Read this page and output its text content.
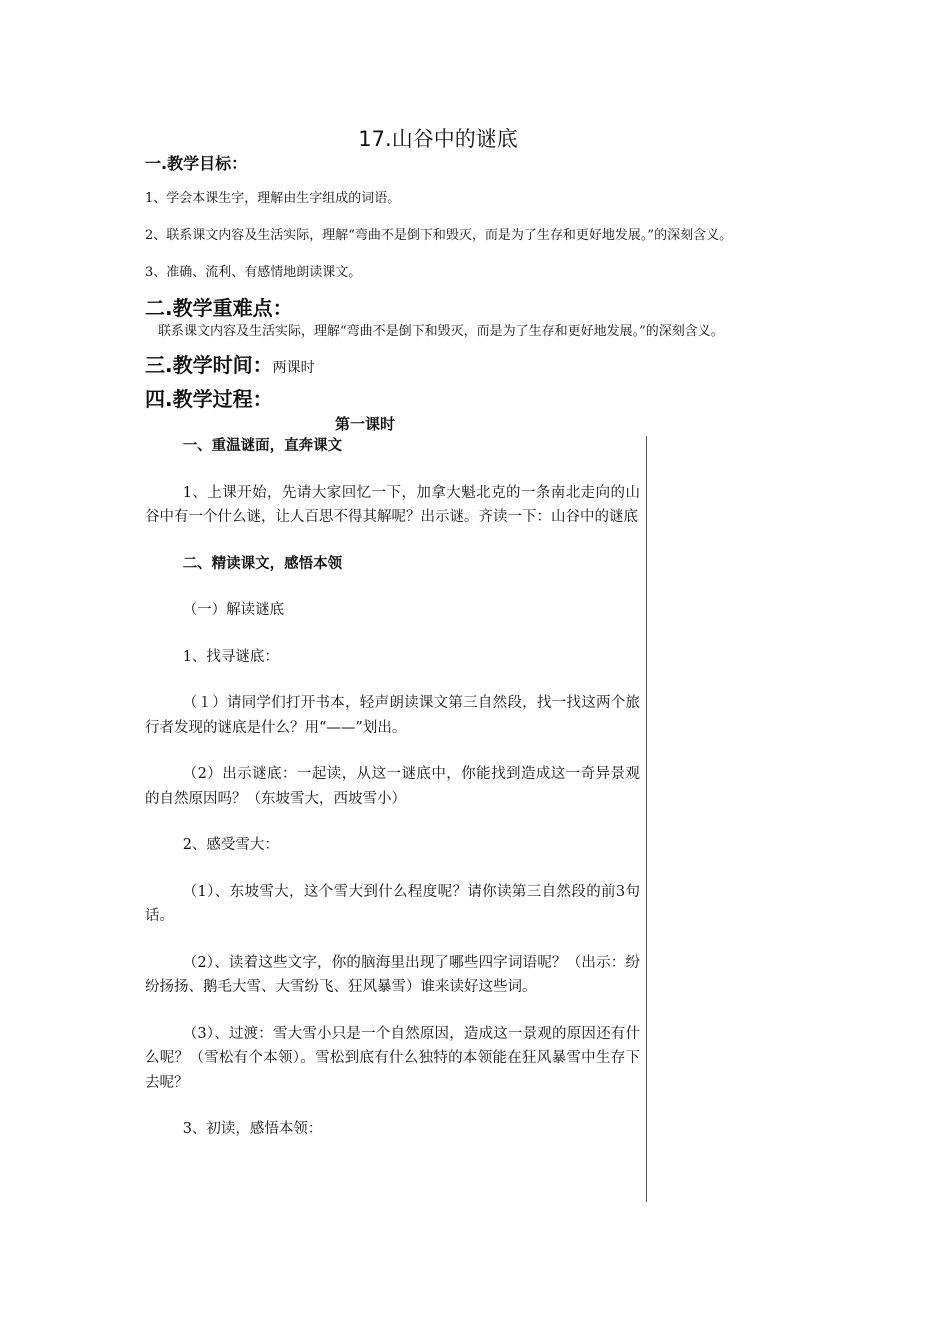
17.山谷中的谜底
一.教学目标：
1、学会本课生字，理解由生字组成的词语。
2、联系课文内容及生活实际，理解“弯曲不是倒下和毁灭，而是为了生存和更好地发展。”的深刻含义。
3、准确、流利、有感情地朗读课文。
二.教学重难点：
联系课文内容及生活实际，理解“弯曲不是倒下和毁灭，而是为了生存和更好地发展。”的深刻含义。
三.教学时间：两课时
四.教学过程：
第一课时

一、重温谜面，直奔课文

1、上课开始，先请大家回忆一下，加拿大魁北克的一条南北走向的山谷中有一个什么谜，让人百思不得其解呢？出示谜。齐读一下：山谷中的谜底

二、精读课文，感悟本领

（一）解读谜底

1、找寻谜底：

（１）请同学们打开书本，轻声朗读课文第三自然段，找一找这两个旅行者发现的谜底是什么？用“——”划出。

（2）出示谜底：一起读，从这一谜底中，你能找到造成这一奇异景观的自然原因吗？（东坡雪大，西坡雪小）

2、感受雪大：

（1）、东坡雪大，这个雪大到什么程度呢？请你读第三自然段的前3句话。

（2）、读着这些文字，你的脑海里出现了哪些四字词语呢？（出示：纷纷扬扬、鹅毛大雪、大雪纷飞、狂风暴雪）谁来读好这些词。

（3）、过渡：雪大雪小只是一个自然原因，造成这一景观的原因还有什么呢？（雪松有个本领）。雪松到底有什么独特的本领能在狂风暴雪中生存下去呢？

3、初读，感悟本领：
